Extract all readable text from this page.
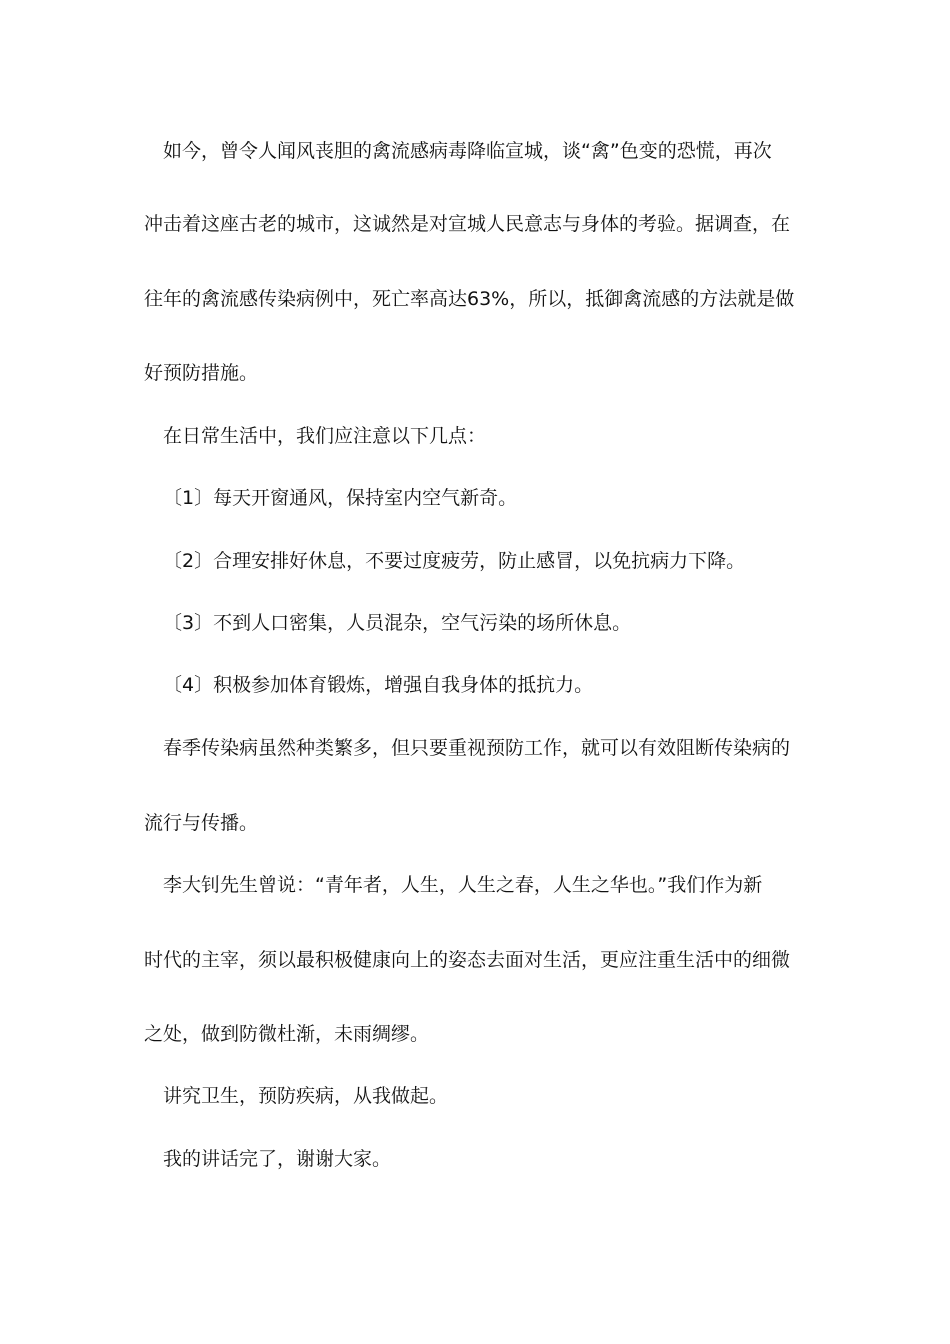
如今，曾令人闻风丧胆的禽流感病毒降临宣城，谈“禽”色变的恐慌，再次
冲击着这座古老的城市，这诚然是对宣城人民意志与身体的考验。据调查，在
往年的禽流感传染病例中，死亡率高达63%，所以，抵御禽流感的方法就是做
好预防措施。
在日常生活中，我们应注意以下几点：
〔1〕每天开窗通风，保持室内空气新奇。
〔2〕合理安排好休息，不要过度疲劳，防止感冒，以免抗病力下降。
〔3〕不到人口密集，人员混杂，空气污染的场所休息。
〔4〕积极参加体育锻炼，增强自我身体的抵抗力。
春季传染病虽然种类繁多，但只要重视预防工作，就可以有效阻断传染病的
流行与传播。
李大钊先生曾说：“青年者，人生，人生之春，人生之华也。”我们作为新
时代的主宰，须以最积极健康向上的姿态去面对生活，更应注重生活中的细微
之处，做到防微杜渐，未雨绸缪。
讲究卫生，预防疾病，从我做起。
我的讲话完了，谢谢大家。
